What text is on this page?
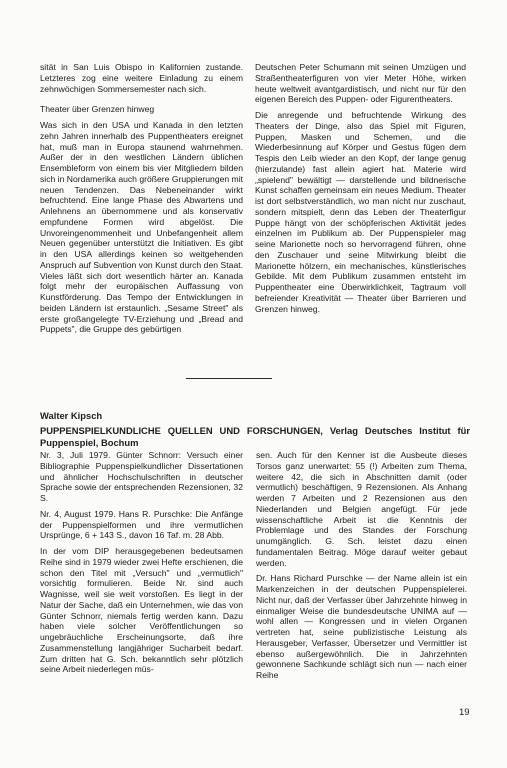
sität in San Luis Obispo in Kalifornien zustande. Letzteres zog eine weitere Einladung zu einem zehnwöchigen Sommersemester nach sich.

Theater über Grenzen hinweg

Was sich in den USA und Kanada in den letzten zehn Jahren innerhalb des Puppentheaters ereignet hat, muß man in Europa staunend wahrnehmen. Außer der in den westlichen Ländern üblichen Ensembleform von einem bis vier Mitgliedern bilden sich in Nordamerika auch größere Gruppierungen mit neuen Tendenzen. Das Nebeneinander wirkt befruchtend. Eine lange Phase des Abwartens und Anlehnens an übernommene und als konservativ empfundene Formen wird abgelöst. Die Unvoreingenommenheit und Unbefangenheit allem Neuen gegenüber unterstützt die Initiativen. Es gibt in den USA allerdings keinen so weitgehenden Anspruch auf Subvention von Kunst durch den Staat. Vieles läßt sich dort wesentlich härter an. Kanada folgt mehr der europäischen Auffassung von Kunstförderung. Das Tempo der Entwicklungen in beiden Ländern ist erstaunlich. „Sesame Street" als erste großangelegte TV-Erziehung und „Bread and Puppets", die Gruppe des gebürtigen

Deutschen Peter Schumann mit seinen Umzügen und Straßentheaterfiguren von vier Meter Höhe, wirken heute weltweit avantgardistisch, und nicht nur für den eigenen Bereich des Puppen- oder Figurentheaters.

Die anregende und befruchtende Wirkung des Theaters der Dinge, also das Spiel mit Figuren, Puppen, Masken und Schemen, und die Wiederbesinnung auf Körper und Gestus fügen dem Tespis den Leib wieder an den Kopf, der lange genug (hierzulande) fast allein agiert hat. Materie wird „spielend" bewältigt — darstellende und bildnerische Kunst schaffen gemeinsam ein neues Medium. Theater ist dort selbstverständlich, wo man nicht nur zuschaut, sondern mitspielt, denn das Leben der Theaterfigur Puppe hängt von der schöpferischen Aktivität jedes einzelnen im Publikum ab. Der Puppenspieler mag seine Marionette noch so hervorragend führen, ohne den Zuschauer und seine Mitwirkung bleibt die Marionette hölzern, ein mechanisches, künstlerisches Gebilde. Mit dem Publikum zusammen entsteht im Puppentheater eine Überwirklichkeit, Tagtraum voll befreiender Kreativität — Theater über Barrieren und Grenzen hinweg.

Walter Kipsch
PUPPENSPIELKUNDLICHE QUELLEN UND FORSCHUNGEN, Verlag Deutsches Institut für Puppenspiel, Bochum

Nr. 3, Juli 1979. Günter Schnorr: Versuch einer Bibliographie Puppenspielkundlicher Dissertationen und ähnlicher Hochschulschriften in deutscher Sprache sowie der entsprechenden Rezensionen, 32 S.

Nr. 4, August 1979. Hans R. Purschke: Die Anfänge der Puppenspielformen und ihre vermutlichen Ursprünge, 6 + 143 S., davon 16 Taf. m. 28 Abb.

In der vom DIP herausgegebenen bedeutsamen Reihe sind in 1979 wieder zwei Hefte erschienen, die schon den Titel mit „Versuch" und „vermutlich" vorsichtig formulieren. Beide Nr. sind auch Wagnisse, weil sie weit vorstoßen. Es liegt in der Natur der Sache, daß ein Unternehmen, wie das von Günter Schnorr, niemals fertig werden kann. Dazu haben viele solcher Veröffentlichungen so ungebräuchliche Erscheinungsorte, daß ihre Zusammenstellung langjähriger Sucharbeit bedarf. Zum dritten hat G. Sch. bekanntlich sehr plötzlich seine Arbeit niederlegen müs-

sen. Auch für den Kenner ist die Ausbeute dieses Torsos ganz unerwartet: 55 (!) Arbeiten zum Thema, weitere 42, die sich in Abschnitten damit (oder vermutlich) beschäftigen, 9 Rezensionen. Als Anhang werden 7 Arbeiten und 2 Rezensionen aus den Niederlanden und Belgien angefügt. Für jede wissenschaftliche Arbeit ist die Kenntnis der Problemlage und des Standes der Forschung unumgänglich. G. Sch. leistet dazu einen fundamentalen Beitrag. Möge darauf weiter gebaut werden.

Dr. Hans Richard Purschke — der Name allein ist ein Markenzeichen in der deutschen Puppenspielerei. Nicht nur, daß der Verfasser über Jahrzehnte hinweg in einmaliger Weise die bundesdeutsche UNIMA auf — wohl allen — Kongressen und in vielen Organen vertreten hat, seine publizistische Leistung als Herausgeber, Verfasser, Übersetzer und Vermittler ist ebenso außergewöhnlich. Die in Jahrzehnten gewonnene Sachkunde schlägt sich nun — nach einer Reihe

19
